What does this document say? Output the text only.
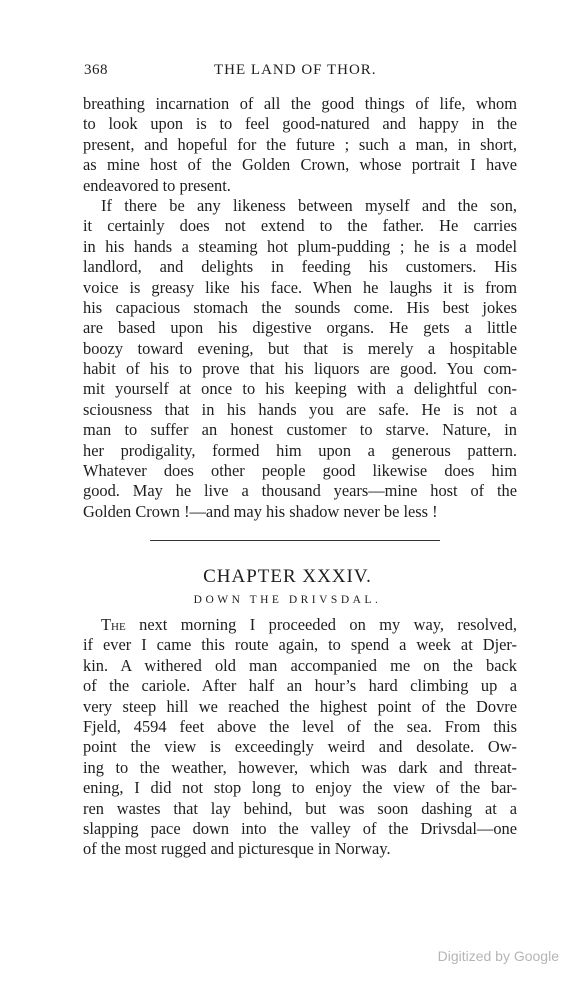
368	THE LAND OF THOR.
breathing incarnation of all the good things of life, whom
to look upon is to feel good-natured and happy in the
present, and hopeful for the future ; such a man, in short,
as mine host of the Golden Crown, whose portrait I have
endeavored to present.
If there be any likeness between myself and the son,
it certainly does not extend to the father. He carries
in his hands a steaming hot plum-pudding ; he is a model
landlord, and delights in feeding his customers. His
voice is greasy like his face. When he laughs it is from
his capacious stomach the sounds come. His best jokes
are based upon his digestive organs. He gets a little
boozy toward evening, but that is merely a hospitable
habit of his to prove that his liquors are good. You com-
mit yourself at once to his keeping with a delightful con-
sciousness that in his hands you are safe. He is not a
man to suffer an honest customer to starve. Nature, in
her prodigality, formed him upon a generous pattern.
Whatever does other people good likewise does him
good. May he live a thousand years—mine host of the
Golden Crown !—and may his shadow never be less !
CHAPTER XXXIV.
DOWN THE DRIVSDAL.
The next morning I proceeded on my way, resolved,
if ever I came this route again, to spend a week at Djer-
kin. A withered old man accompanied me on the back
of the cariole. After half an hour’s hard climbing up a
very steep hill we reached the highest point of the Dovre
Fjeld, 4594 feet above the level of the sea. From this
point the view is exceedingly weird and desolate. Ow-
ing to the weather, however, which was dark and threat-
ening, I did not stop long to enjoy the view of the bar-
ren wastes that lay behind, but was soon dashing at a
slapping pace down into the valley of the Drivsdal—one
of the most rugged and picturesque in Norway.
Digitized by Google
